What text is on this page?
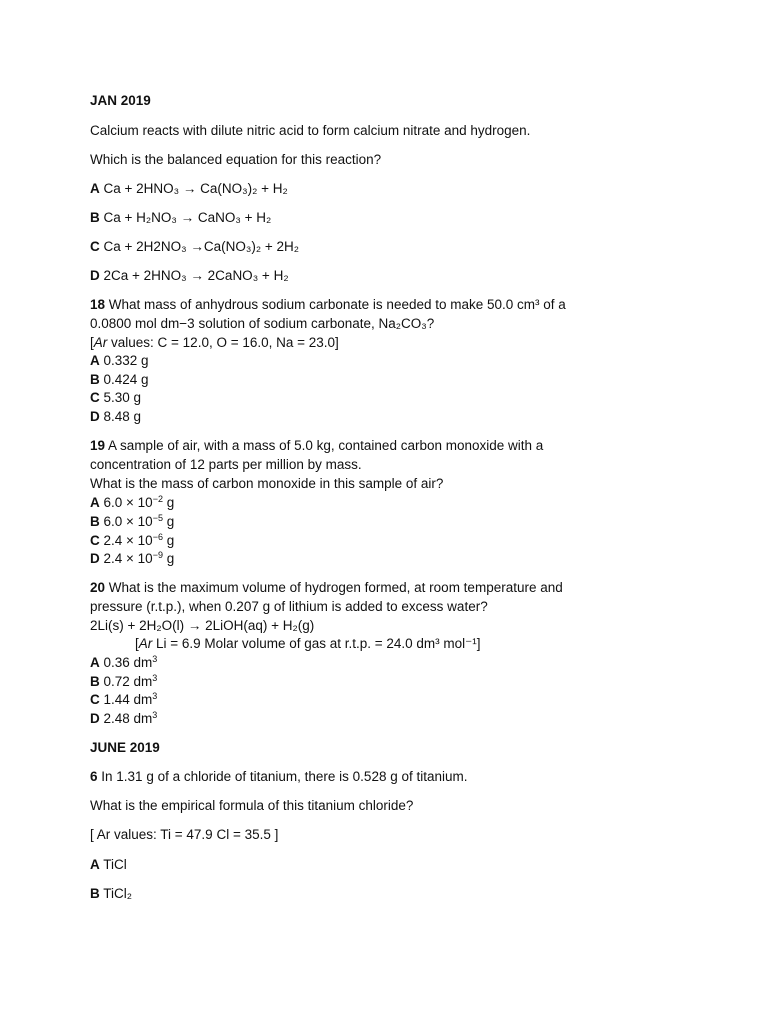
JAN 2019
Calcium reacts with dilute nitric acid to form calcium nitrate and hydrogen.
Which is the balanced equation for this reaction?
A Ca + 2HNO₃ → Ca(NO₃)₂ + H₂
B Ca + H₂NO₃ → CaNO₃ + H₂
C Ca + 2H2NO₃ →Ca(NO₃)₂ + 2H₂
D 2Ca + 2HNO₃ → 2CaNO₃ + H₂
18 What mass of anhydrous sodium carbonate is needed to make 50.0 cm³ of a
0.0800 mol dm−3 solution of sodium carbonate, Na₂CO₃?
[Ar values: C = 12.0, O = 16.0, Na = 23.0]
A 0.332 g
B 0.424 g
C 5.30 g
D 8.48 g
19 A sample of air, with a mass of 5.0 kg, contained carbon monoxide with a
concentration of 12 parts per million by mass.
What is the mass of carbon monoxide in this sample of air?
A $6.0 \times 10^{-2}$ g
B $6.0 \times 10^{-5}$ g
C $2.4 \times 10^{-6}$ g
D $2.4 \times 10^{-9}$ g
20 What is the maximum volume of hydrogen formed, at room temperature and
pressure (r.t.p.), when 0.207 g of lithium is added to excess water?
2Li(s) + 2H₂O(l) → 2LiOH(aq) + H₂(g)
[Ar Li = 6.9 Molar volume of gas at r.t.p. = 24.0 dm³ mol⁻¹]
A 0.36 $dm^3$
B 0.72 $dm^3$
C 1.44 $dm^3$
D 2.48 $dm^3$
JUNE 2019
6 In 1.31 g of a chloride of titanium, there is 0.528 g of titanium.
What is the empirical formula of this titanium chloride?
[ Ar values: Ti = 47.9 Cl = 35.5 ]
A TiCl
B TiCl₂
